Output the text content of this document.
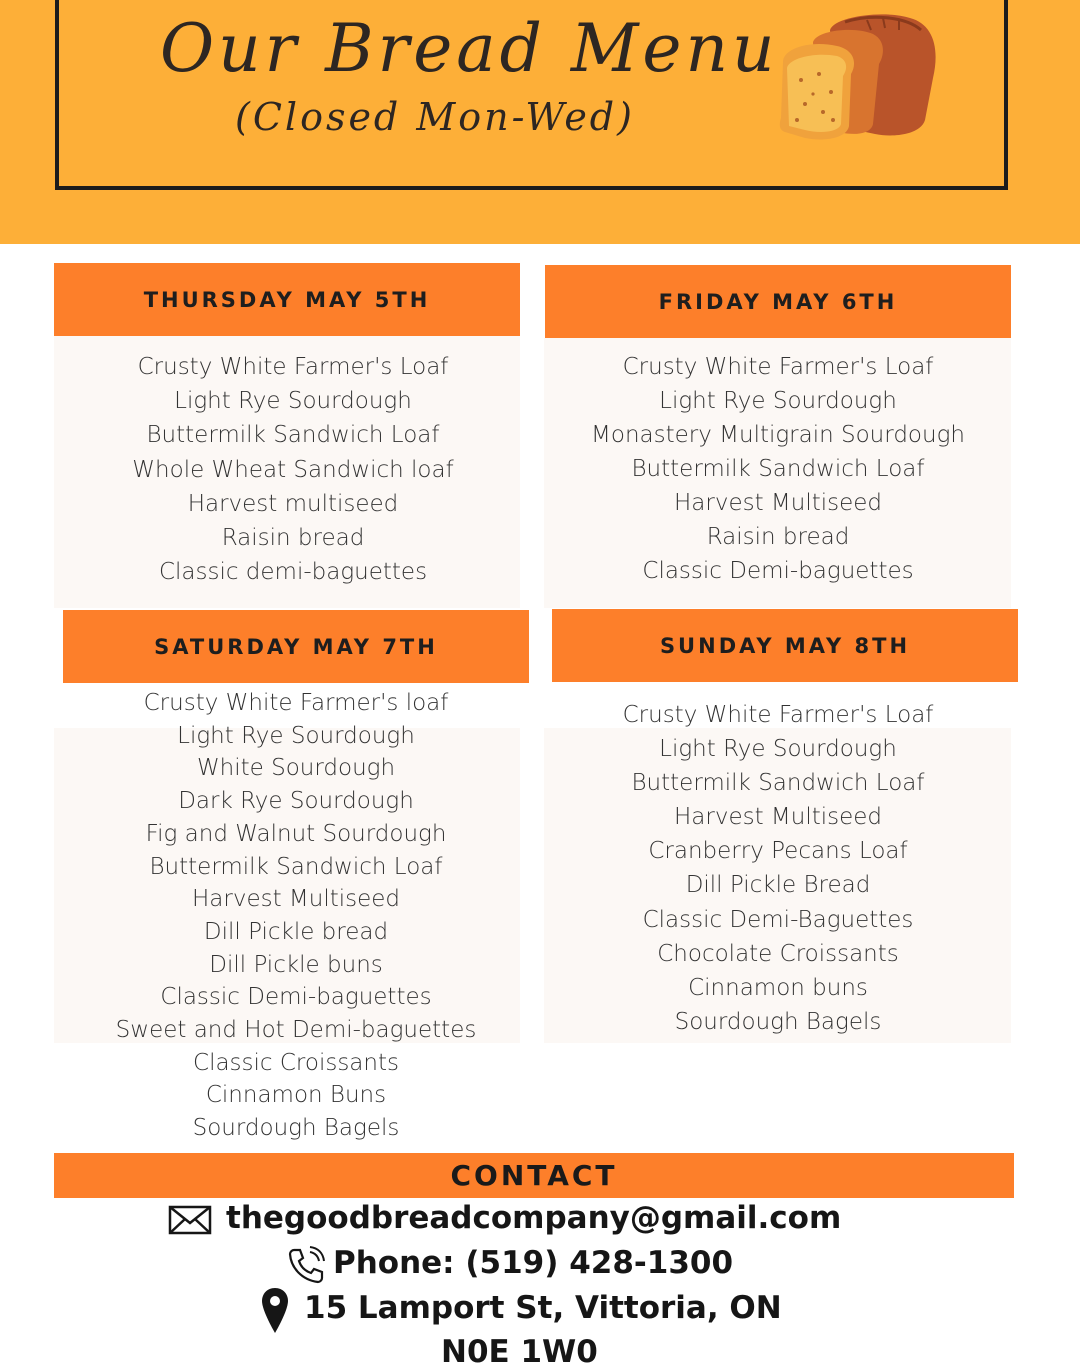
Our Bread Menu
(Closed Mon-Wed)
THURSDAY MAY 5TH	FRIDAY MAY 6TH
SATURDAY MAY 7TH	SUNDAY MAY 8TH
Crusty White Farmer's Loaf
Light Rye Sourdough
Buttermilk Sandwich Loaf
Whole Wheat Sandwich loaf
Harvest multiseed
Raisin bread
Classic demi-baguettes
Crusty White Farmer's Loaf
Light Rye Sourdough
Monastery Multigrain Sourdough
Buttermilk Sandwich Loaf
Harvest Multiseed
Raisin bread
Classic Demi-baguettes
Crusty White Farmer's loaf
Light Rye Sourdough
White Sourdough
Dark Rye Sourdough
Fig and Walnut Sourdough
Buttermilk Sandwich Loaf
Harvest Multiseed
Dill Pickle bread
Dill Pickle buns
Classic Demi-baguettes
Sweet and Hot Demi-baguettes
Classic Croissants
Cinnamon Buns
Sourdough Bagels
Crusty White Farmer's Loaf
Light Rye Sourdough
Buttermilk Sandwich Loaf
Harvest Multiseed
Cranberry Pecans Loaf
Dill Pickle Bread
Classic Demi-Baguettes
Chocolate Croissants
Cinnamon buns
Sourdough Bagels
CONTACT
thegoodbreadcompany@gmail.com
Phone: (519) 428-1300
15 Lamport St, Vittoria, ON
N0E 1W0
